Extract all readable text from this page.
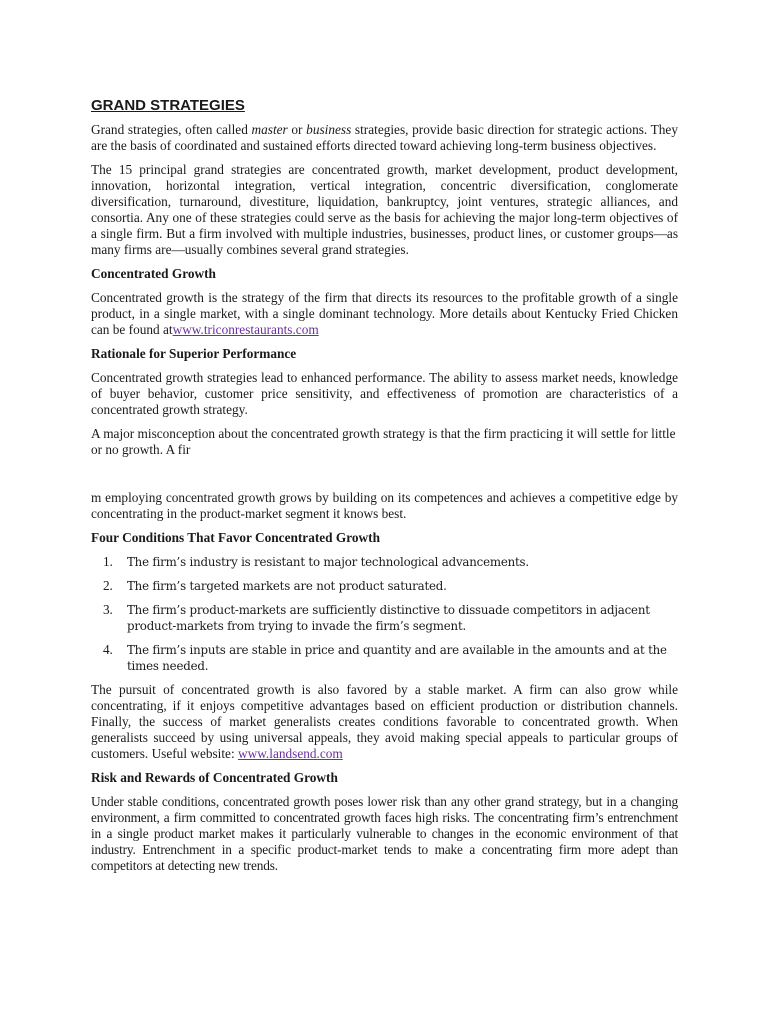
GRAND STRATEGIES

Grand strategies, often called master or business strategies, provide basic direction for strategic actions. They are the basis of coordinated and sustained efforts directed toward achieving long-term business objectives.

The 15 principal grand strategies are concentrated growth, market development, product development, innovation, horizontal integration, vertical integration, concentric diversification, conglomerate diversification, turnaround, divestiture, liquidation, bankruptcy, joint ventures, strategic alliances, and consortia. Any one of these strategies could serve as the basis for achieving the major long-term objectives of a single firm. But a firm involved with multiple industries, businesses, product lines, or customer groups—as many firms are—usually combines several grand strategies.

Concentrated Growth

Concentrated growth is the strategy of the firm that directs its resources to the profitable growth of a single product, in a single market, with a single dominant technology. More details about Kentucky Fried Chicken can be found atwww.triconrestaurants.com

Rationale for Superior Performance

Concentrated growth strategies lead to enhanced performance. The ability to assess market needs, knowledge of buyer behavior, customer price sensitivity, and effectiveness of promotion are characteristics of a concentrated growth strategy.

A major misconception about the concentrated growth strategy is that the firm practicing it will settle for little or no growth. A fir

m employing concentrated growth grows by building on its competences and achieves a competitive edge by concentrating in the product-market segment it knows best.

Four Conditions That Favor Concentrated Growth
1. The firm’s industry is resistant to major technological advancements.
2. The firm’s targeted markets are not product saturated.
3. The firm’s product-markets are sufficiently distinctive to dissuade competitors in adjacent product-markets from trying to invade the firm’s segment.
4. The firm’s inputs are stable in price and quantity and are available in the amounts and at the times needed.

The pursuit of concentrated growth is also favored by a stable market. A firm can also grow while concentrating, if it enjoys competitive advantages based on efficient production or distribution channels. Finally, the success of market generalists creates conditions favorable to concentrated growth. When generalists succeed by using universal appeals, they avoid making special appeals to particular groups of customers. Useful website: www.landsend.com

Risk and Rewards of Concentrated Growth

Under stable conditions, concentrated growth poses lower risk than any other grand strategy, but in a changing environment, a firm committed to concentrated growth faces high risks. The concentrating firm’s entrenchment in a single product market makes it particularly vulnerable to changes in the economic environment of that industry. Entrenchment in a specific product-market tends to make a concentrating firm more adept than competitors at detecting new trends.
